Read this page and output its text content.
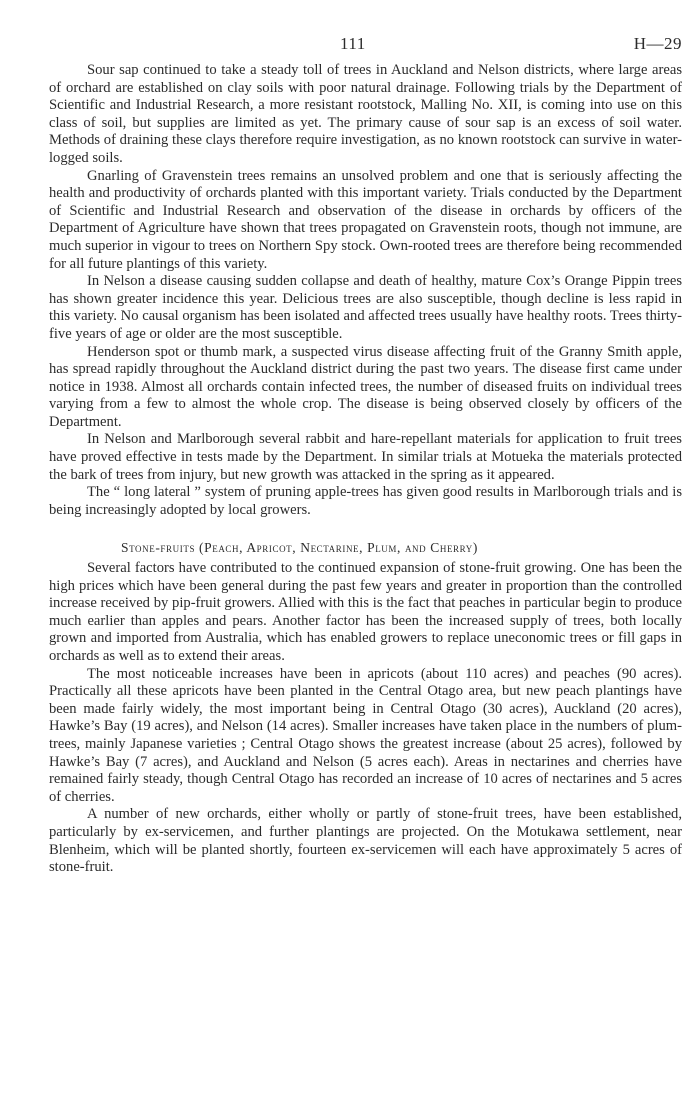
111	H—29

Sour sap continued to take a steady toll of trees in Auckland and Nelson districts, where large areas of orchard are established on clay soils with poor natural drainage. Following trials by the Department of Scientific and Industrial Research, a more resistant rootstock, Malling No. XII, is coming into use on this class of soil, but supplies are limited as yet. The primary cause of sour sap is an excess of soil water. Methods of draining these clays therefore require investigation, as no known rootstock can survive in water-logged soils.

Gnarling of Gravenstein trees remains an unsolved problem and one that is seriously affecting the health and productivity of orchards planted with this important variety. Trials conducted by the Department of Scientific and Industrial Research and observation of the disease in orchards by officers of the Department of Agriculture have shown that trees propagated on Gravenstein roots, though not immune, are much superior in vigour to trees on Northern Spy stock. Own-rooted trees are therefore being recommended for all future plantings of this variety.

In Nelson a disease causing sudden collapse and death of healthy, mature Cox’s Orange Pippin trees has shown greater incidence this year. Delicious trees are also susceptible, though decline is less rapid in this variety. No causal organism has been isolated and affected trees usually have healthy roots. Trees thirty-five years of age or older are the most susceptible.

Henderson spot or thumb mark, a suspected virus disease affecting fruit of the Granny Smith apple, has spread rapidly throughout the Auckland district during the past two years. The disease first came under notice in 1938. Almost all orchards contain infected trees, the number of diseased fruits on individual trees varying from a few to almost the whole crop. The disease is being observed closely by officers of the Department.

In Nelson and Marlborough several rabbit and hare-repellant materials for application to fruit trees have proved effective in tests made by the Department. In similar trials at Motueka the materials protected the bark of trees from injury, but new growth was attacked in the spring as it appeared.

The “ long lateral ” system of pruning apple-trees has given good results in Marlborough trials and is being increasingly adopted by local growers.

Stone-fruits (Peach, Apricot, Nectarine, Plum, and Cherry)

Several factors have contributed to the continued expansion of stone-fruit growing. One has been the high prices which have been general during the past few years and greater in proportion than the controlled increase received by pip-fruit growers. Allied with this is the fact that peaches in particular begin to produce much earlier than apples and pears. Another factor has been the increased supply of trees, both locally grown and imported from Australia, which has enabled growers to replace uneconomic trees or fill gaps in orchards as well as to extend their areas.

The most noticeable increases have been in apricots (about 110 acres) and peaches (90 acres). Practically all these apricots have been planted in the Central Otago area, but new peach plantings have been made fairly widely, the most important being in Central Otago (30 acres), Auckland (20 acres), Hawke’s Bay (19 acres), and Nelson (14 acres). Smaller increases have taken place in the numbers of plum-trees, mainly Japanese varieties ; Central Otago shows the greatest increase (about 25 acres), followed by Hawke’s Bay (7 acres), and Auckland and Nelson (5 acres each). Areas in nectarines and cherries have remained fairly steady, though Central Otago has recorded an increase of 10 acres of nectarines and 5 acres of cherries.

A number of new orchards, either wholly or partly of stone-fruit trees, have been established, particularly by ex-servicemen, and further plantings are projected. On the Motukawa settlement, near Blenheim, which will be planted shortly, fourteen ex-servicemen will each have approximately 5 acres of stone-fruit.
